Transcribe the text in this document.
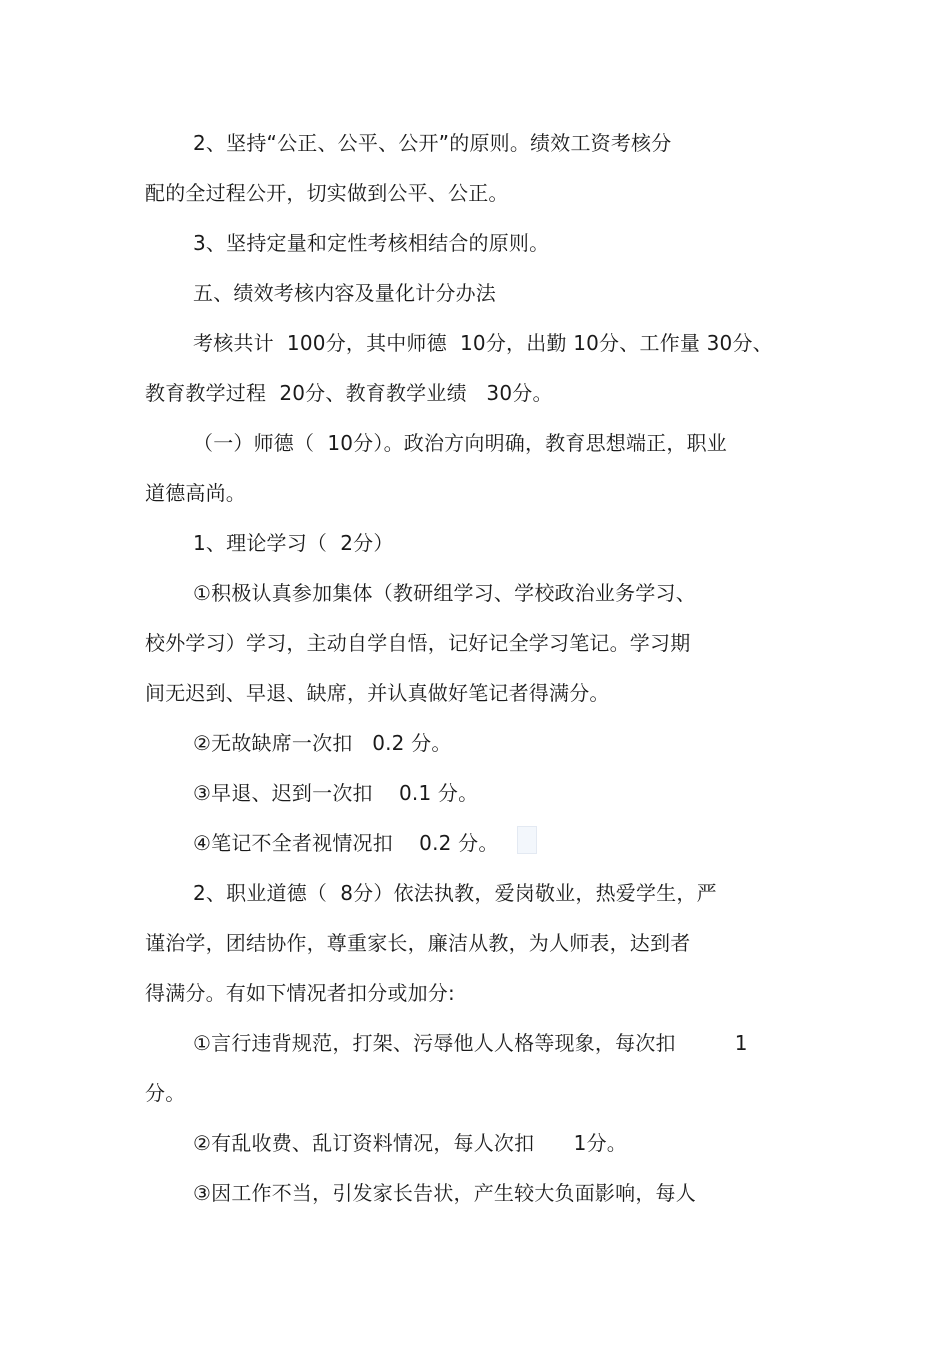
2、坚持“公正、公平、公开”的原则。绩效工资考核分
配的全过程公开，切实做到公平、公正。
3、坚持定量和定性考核相结合的原则。
五、绩效考核内容及量化计分办法
考核共计  100分，其中师德  10分，出勤 10分、工作量 30分、
教育教学过程  20分、教育教学业绩   30分。
（一）师德（  10分）。政治方向明确，教育思想端正，职业
道德高尚。
1、理论学习（  2分）
①积极认真参加集体（教研组学习、学校政治业务学习、
校外学习）学习，主动自学自悟，记好记全学习笔记。学习期
间无迟到、早退、缺席，并认真做好笔记者得满分。
②无故缺席一次扣   0.2 分。
③早退、迟到一次扣    0.1 分。
④笔记不全者视情况扣    0.2 分。
2、职业道德（  8分）依法执教，爱岗敬业，热爱学生，严
谨治学，团结协作，尊重家长，廉洁从教，为人师表，达到者
得满分。有如下情况者扣分或加分:
①言行违背规范，打架、污辱他人人格等现象，每次扣         1
分。
②有乱收费、乱订资料情况，每人次扣      1分。
③因工作不当，引发家长告状，产生较大负面影响，每人
